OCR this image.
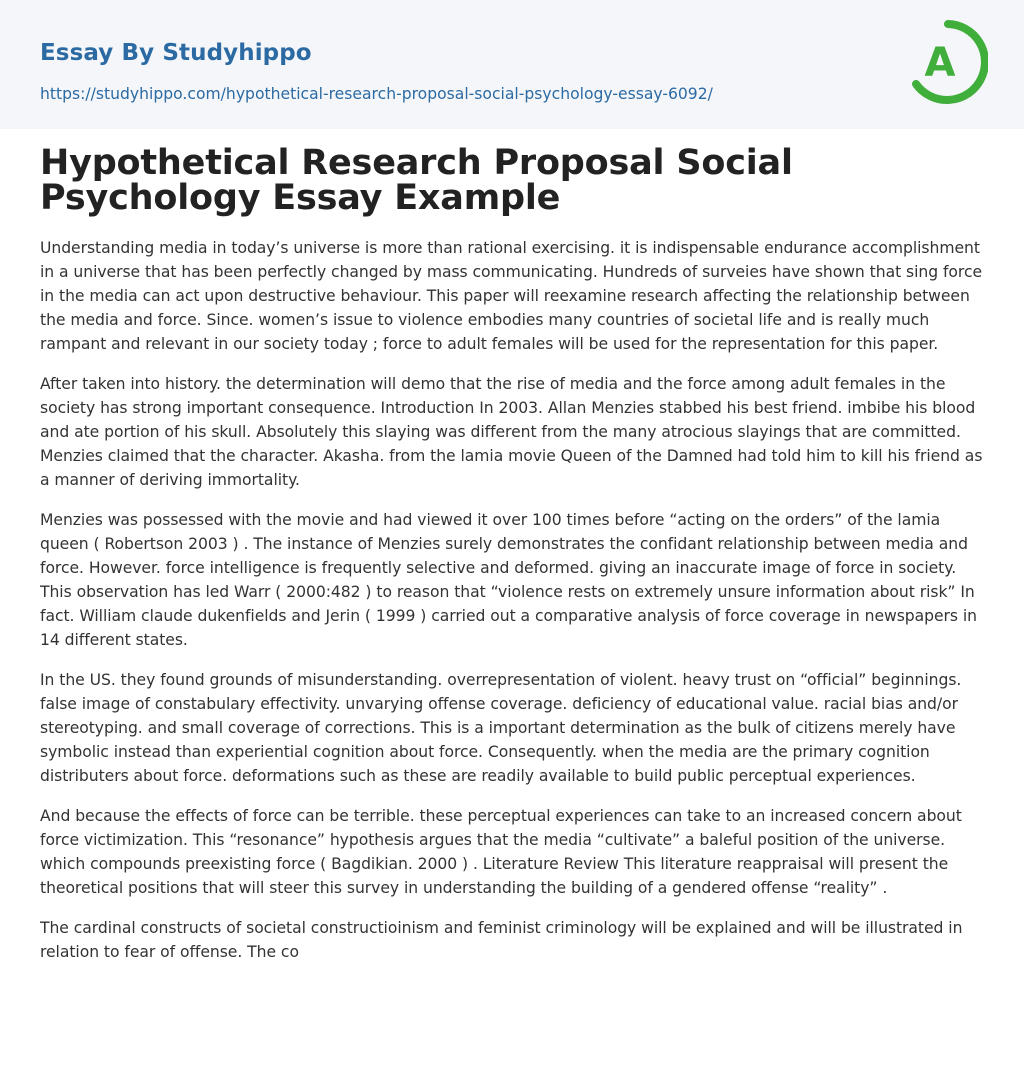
Essay By Studyhippo
https://studyhippo.com/hypothetical-research-proposal-social-psychology-essay-6092/
A
Hypothetical Research Proposal Social Psychology Essay Example

Understanding media in today’s universe is more than rational exercising. it is indispensable endurance accomplishment in a universe that has been perfectly changed by mass communicating. Hundreds of surveies have shown that sing force in the media can act upon destructive behaviour. This paper will reexamine research affecting the relationship between the media and force. Since. women’s issue to violence embodies many countries of societal life and is really much rampant and relevant in our society today ; force to adult females will be used for the representation for this paper.

After taken into history. the determination will demo that the rise of media and the force among adult females in the society has strong important consequence. Introduction In 2003. Allan Menzies stabbed his best friend. imbibe his blood and ate portion of his skull. Absolutely this slaying was different from the many atrocious slayings that are committed. Menzies claimed that the character. Akasha. from the lamia movie Queen of the Damned had told him to kill his friend as a manner of deriving immortality.

Menzies was possessed with the movie and had viewed it over 100 times before “acting on the orders” of the lamia queen ( Robertson 2003 ) . The instance of Menzies surely demonstrates the confidant relationship between media and force. However. force intelligence is frequently selective and deformed. giving an inaccurate image of force in society. This observation has led Warr ( 2000:482 ) to reason that “violence rests on extremely unsure information about risk” In fact. William claude dukenfields and Jerin ( 1999 ) carried out a comparative analysis of force coverage in newspapers in 14 different states.

In the US. they found grounds of misunderstanding. overrepresentation of violent. heavy trust on “official” beginnings. false image of constabulary effectivity. unvarying offense coverage. deficiency of educational value. racial bias and/or stereotyping. and small coverage of corrections. This is a important determination as the bulk of citizens merely have symbolic instead than experiential cognition about force. Consequently. when the media are the primary cognition distributers about force. deformations such as these are readily available to build public perceptual experiences.

And because the effects of force can be terrible. these perceptual experiences can take to an increased concern about force victimization. This “resonance” hypothesis argues that the media “cultivate” a baleful position of the universe. which compounds preexisting force ( Bagdikian. 2000 ) . Literature Review This literature reappraisal will present the theoretical positions that will steer this survey in understanding the building of a gendered offense “reality” .

The cardinal constructs of societal constructioinism and feminist criminology will be explained and will be illustrated in relation to fear of offense. The co
